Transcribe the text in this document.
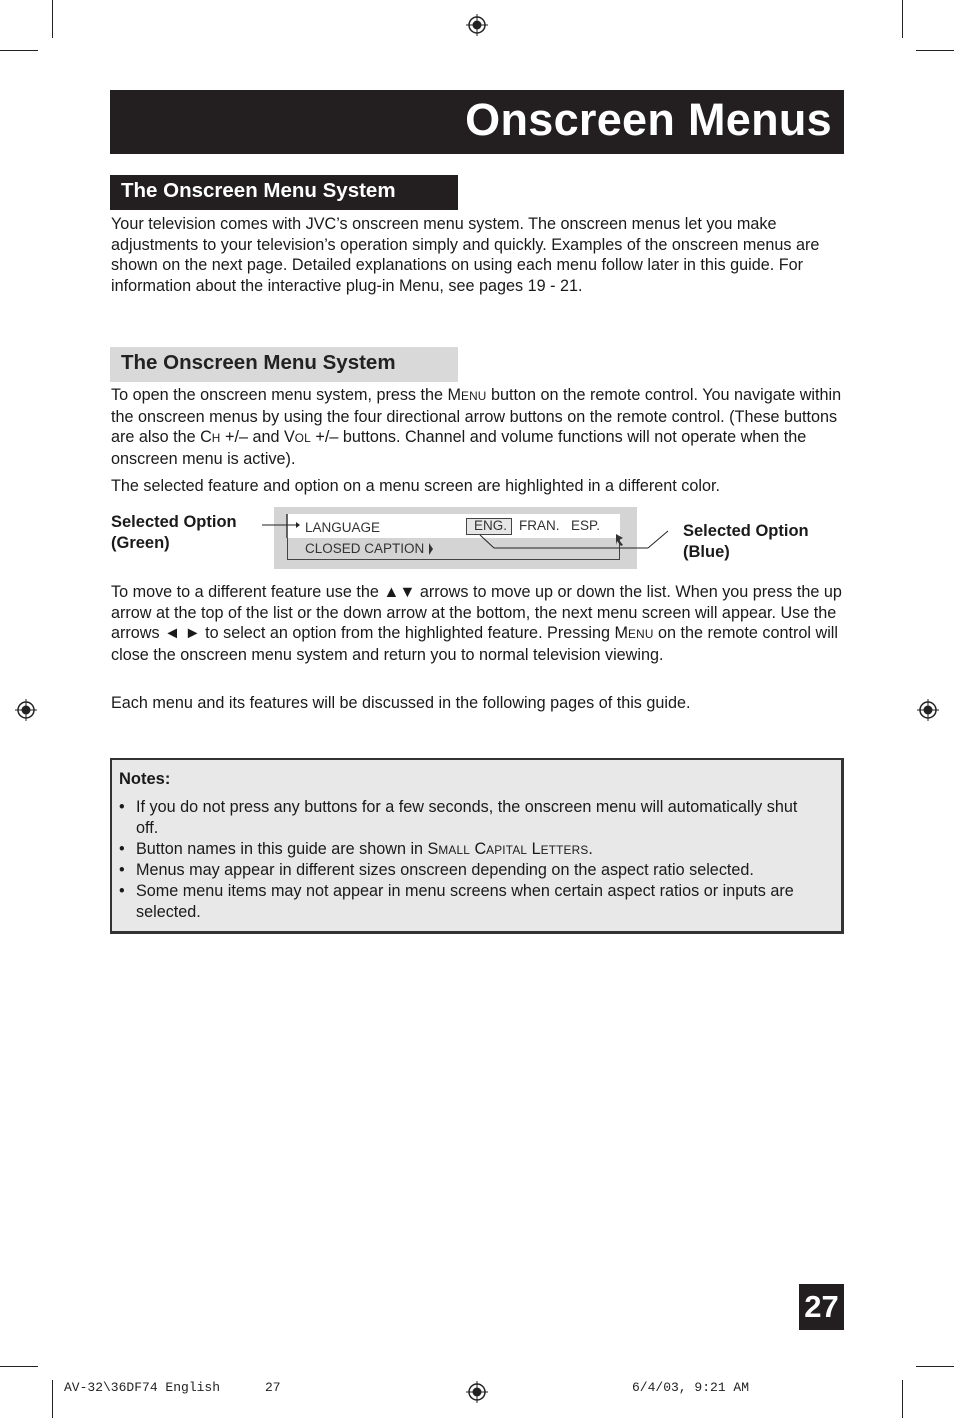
Onscreen Menus
The Onscreen Menu System

Your television comes with JVC’s onscreen menu system. The onscreen menus let you make adjustments to your television’s operation simply and quickly. Examples of the onscreen menus are shown on the next page. Detailed explanations on using each menu follow later in this guide. For information about the interactive plug-in Menu, see pages 19 - 21.

The Onscreen Menu System

To open the onscreen menu system, press the MENU button on the remote control. You navigate within the onscreen menus by using the four directional arrow buttons on the remote control. (These buttons are also the CH +/– and VOL +/– buttons. Channel and volume functions will not operate when the onscreen menu is active).

The selected feature and option on a menu screen are highlighted in a different color.

Selected Option
(Green)
Selected Option
(Blue)
LANGUAGE
CLOSED CAPTION
ENG. FRAN. ESP.

To move to a different feature use the ▲▼ arrows to move up or down the list. When you press the up arrow at the top of the list or the down arrow at the bottom, the next menu screen will appear. Use the arrows ◄ ► to select an option from the highlighted feature. Pressing MENU on the remote control will close the onscreen menu system and return you to normal television viewing.

Each menu and its features will be discussed in the following pages of this guide.

Notes:
• If you do not press any buttons for a few seconds, the onscreen menu will automatically shut off.
• Button names in this guide are shown in SMALL CAPITAL LETTERS.
• Menus may appear in different sizes onscreen depending on the aspect ratio selected.
• Some menu items may not appear in menu screens when certain aspect ratios or inputs are selected.
27
AV-32\36DF74 English	27	6/4/03, 9:21 AM
